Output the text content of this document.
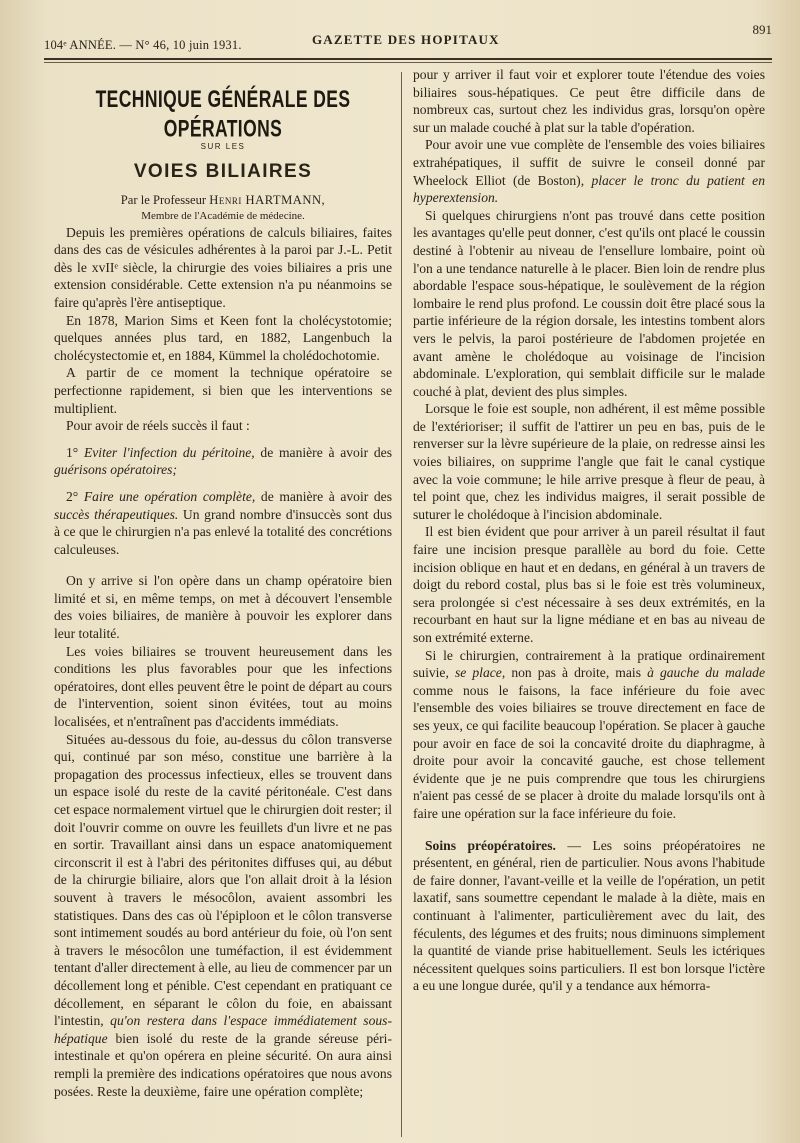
104ᵉ ANNÉE. — N° 46, 10 juin 1931.	GAZETTE DES HOPITAUX
891
TECHNIQUE GÉNÉRALE DES OPÉRATIONS
SUR LES
VOIES BILIAIRES

Par le Professeur Henri HARTMANN,

Membre de l'Académie de médecine.

Depuis les premières opérations de calculs biliaires, faites dans des cas de vésicules adhérentes à la paroi par J.-L. Petit dès le xvIIᵉ siècle, la chirurgie des voies biliaires a pris une extension considérable. Cette extension n'a pu néanmoins se faire qu'après l'ère antiseptique.

En 1878, Marion Sims et Keen font la cholécystotomie; quelques années plus tard, en 1882, Langenbuch la cholécystectomie et, en 1884, Kümmel la cholédochotomie.

A partir de ce moment la technique opératoire se perfectionne rapidement, si bien que les interventions se multiplient.

Pour avoir de réels succès il faut :

1° Eviter l'infection du péritoine, de manière à avoir des guérisons opératoires;

2° Faire une opération complète, de manière à avoir des succès thérapeutiques. Un grand nombre d'insuccès sont dus à ce que le chirurgien n'a pas enlevé la totalité des concrétions calculeuses.

On y arrive si l'on opère dans un champ opératoire bien limité et si, en même temps, on met à découvert l'ensemble des voies biliaires, de manière à pouvoir les explorer dans leur totalité.

Les voies biliaires se trouvent heureusement dans les conditions les plus favorables pour que les infections opératoires, dont elles peuvent être le point de départ au cours de l'intervention, soient sinon évitées, tout au moins localisées, et n'entraînent pas d'accidents immédiats.

Situées au-dessous du foie, au-dessus du côlon transverse qui, continué par son méso, constitue une barrière à la propagation des processus infectieux, elles se trouvent dans un espace isolé du reste de la cavité péritonéale. C'est dans cet espace normalement virtuel que le chirurgien doit rester; il doit l'ouvrir comme on ouvre les feuillets d'un livre et ne pas en sortir. Travaillant ainsi dans un espace anatomiquement circonscrit il est à l'abri des péritonites diffuses qui, au début de la chirurgie biliaire, alors que l'on allait droit à la lésion souvent à travers le mésocôlon, avaient assombri les statistiques. Dans des cas où l'épiploon et le côlon transverse sont intimement soudés au bord antérieur du foie, où l'on sent à travers le mésocôlon une tuméfaction, il est évidemment tentant d'aller directement à elle, au lieu de commencer par un décollement long et pénible. C'est cependant en pratiquant ce décollement, en séparant le côlon du foie, en abaissant l'intestin, qu'on restera dans l'espace immédiatement sous-hépatique bien isolé du reste de la grande séreuse péri-intestinale et qu'on opérera en pleine sécurité. On aura ainsi rempli la première des indications opératoires que nous avons posées. Reste la deuxième, faire une opération complète;

pour y arriver il faut voir et explorer toute l'étendue des voies biliaires sous-hépatiques. Ce peut être difficile dans de nombreux cas, surtout chez les individus gras, lorsqu'on opère sur un malade couché à plat sur la table d'opération.

Pour avoir une vue complète de l'ensemble des voies biliaires extrahépatiques, il suffit de suivre le conseil donné par Wheelock Elliot (de Boston), placer le tronc du patient en hyperextension.

Si quelques chirurgiens n'ont pas trouvé dans cette position les avantages qu'elle peut donner, c'est qu'ils ont placé le coussin destiné à l'obtenir au niveau de l'ensellure lombaire, point où l'on a une tendance naturelle à le placer. Bien loin de rendre plus abordable l'espace sous-hépatique, le soulèvement de la région lombaire le rend plus profond. Le coussin doit être placé sous la partie inférieure de la région dorsale, les intestins tombent alors vers le pelvis, la paroi postérieure de l'abdomen projetée en avant amène le cholédoque au voisinage de l'incision abdominale. L'exploration, qui semblait difficile sur le malade couché à plat, devient des plus simples.

Lorsque le foie est souple, non adhérent, il est même possible de l'extérioriser; il suffit de l'attirer un peu en bas, puis de le renverser sur la lèvre supérieure de la plaie, on redresse ainsi les voies biliaires, on supprime l'angle que fait le canal cystique avec la voie commune; le hile arrive presque à fleur de peau, à tel point que, chez les individus maigres, il serait possible de suturer le cholédoque à l'incision abdominale.

Il est bien évident que pour arriver à un pareil résultat il faut faire une incision presque parallèle au bord du foie. Cette incision oblique en haut et en dedans, en général à un travers de doigt du rebord costal, plus bas si le foie est très volumineux, sera prolongée si c'est nécessaire à ses deux extrémités, en la recourbant en haut sur la ligne médiane et en bas au niveau de son extrémité externe.

Si le chirurgien, contrairement à la pratique ordinairement suivie, se place, non pas à droite, mais à gauche du malade comme nous le faisons, la face inférieure du foie avec l'ensemble des voies biliaires se trouve directement en face de ses yeux, ce qui facilite beaucoup l'opération. Se placer à gauche pour avoir en face de soi la concavité droite du diaphragme, à droite pour avoir la concavité gauche, est chose tellement évidente que je ne puis comprendre que tous les chirurgiens n'aient pas cessé de se placer à droite du malade lorsqu'ils ont à faire une opération sur la face inférieure du foie.

Soins préopératoires. — Les soins préopératoires ne présentent, en général, rien de particulier. Nous avons l'habitude de faire donner, l'avant-veille et la veille de l'opération, un petit laxatif, sans soumettre cependant le malade à la diète, mais en continuant à l'alimenter, particulièrement avec du lait, des féculents, des légumes et des fruits; nous diminuons simplement la quantité de viande prise habituellement. Seuls les ictériques nécessitent quelques soins particuliers. Il est bon lorsque l'ictère a eu une longue durée, qu'il y a tendance aux hémorra-
